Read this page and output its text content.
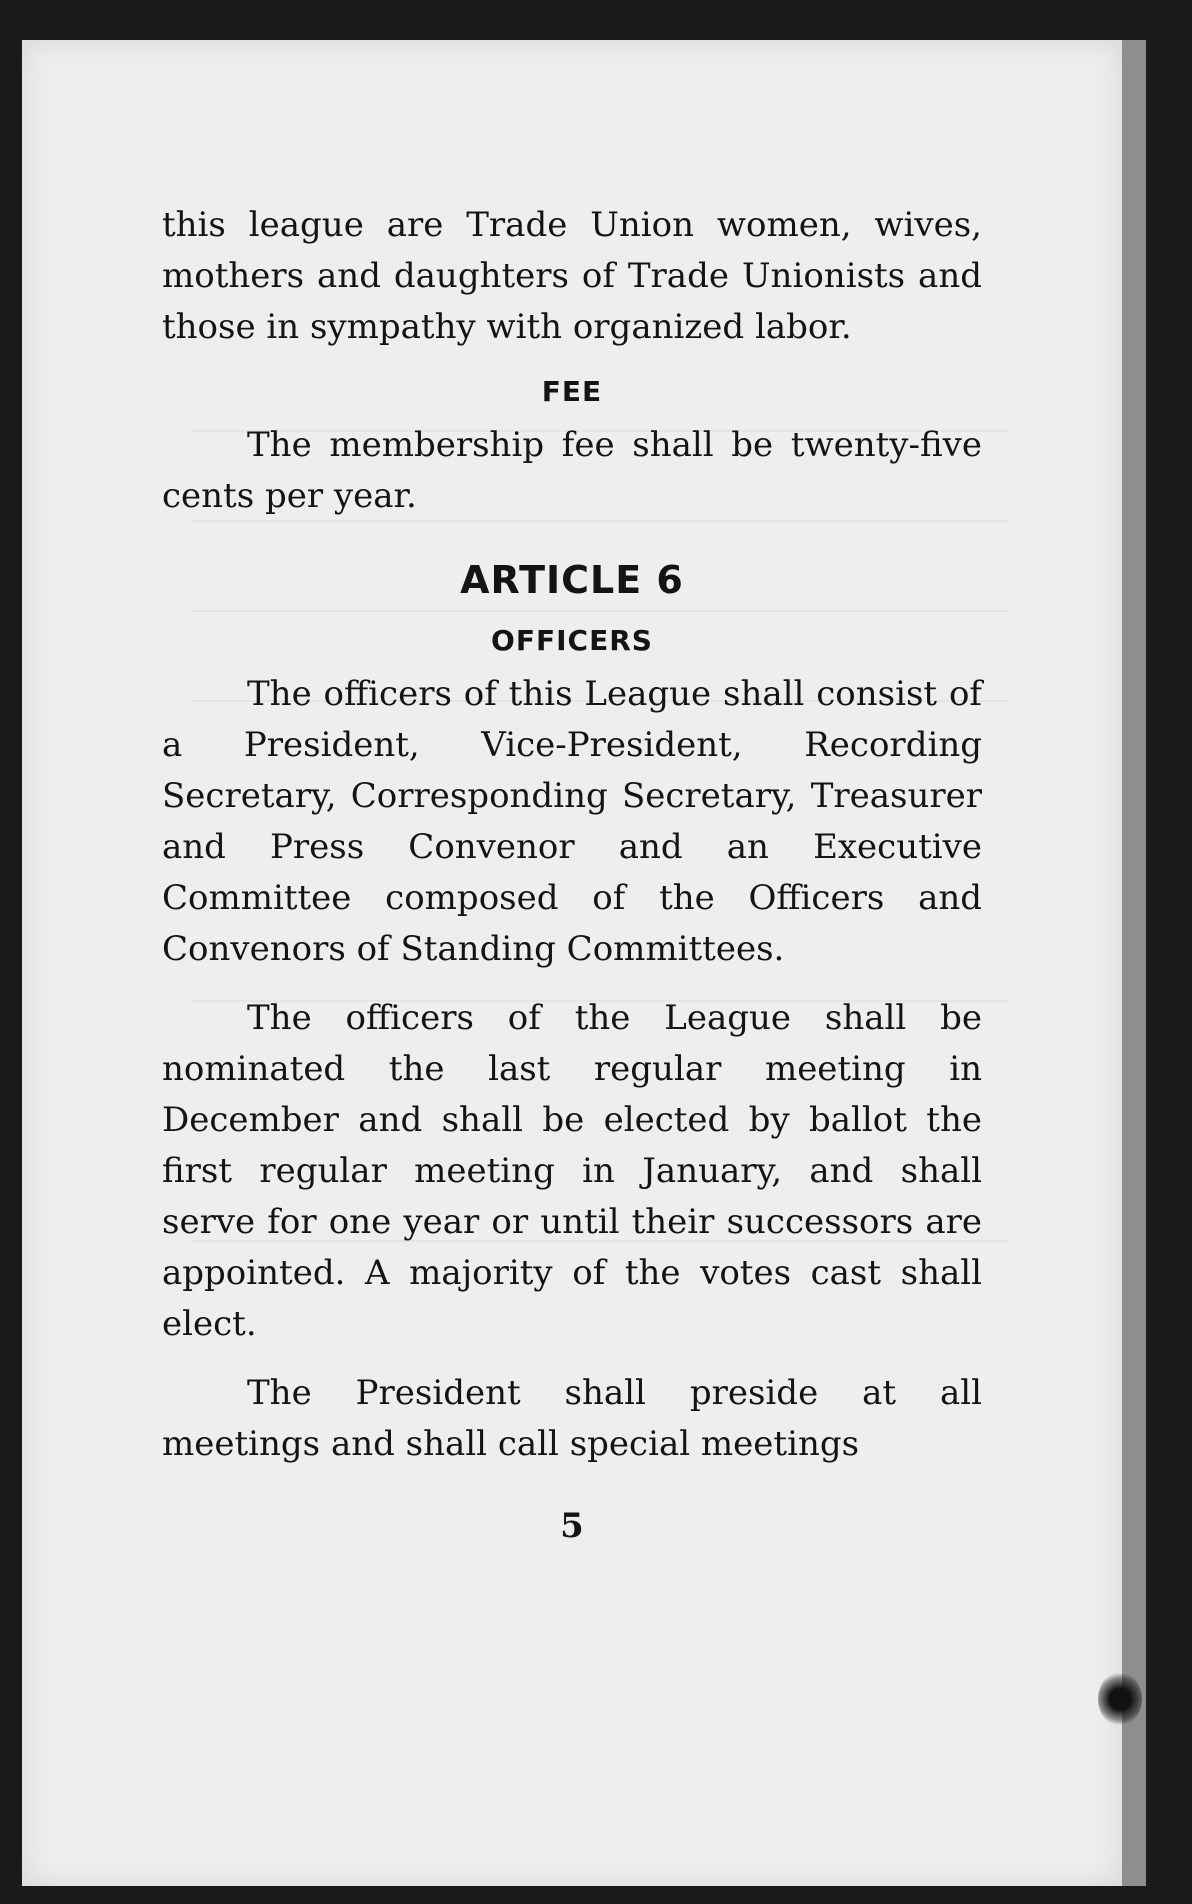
this league are Trade Union women, wives, mothers and daughters of Trade Unionists and those in sympathy with organized labor.

FEE

The membership fee shall be twenty-five cents per year.

ARTICLE 6
OFFICERS

The officers of this League shall consist of a President, Vice-President, Recording Secretary, Corresponding Secretary, Treasurer and Press Convenor and an Executive Committee composed of the Officers and Convenors of Standing Committees.

The officers of the League shall be nominated the last regular meeting in December and shall be elected by ballot the first regular meeting in January, and shall serve for one year or until their successors are appointed. A majority of the votes cast shall elect.

The President shall preside at all meetings and shall call special meetings

5
